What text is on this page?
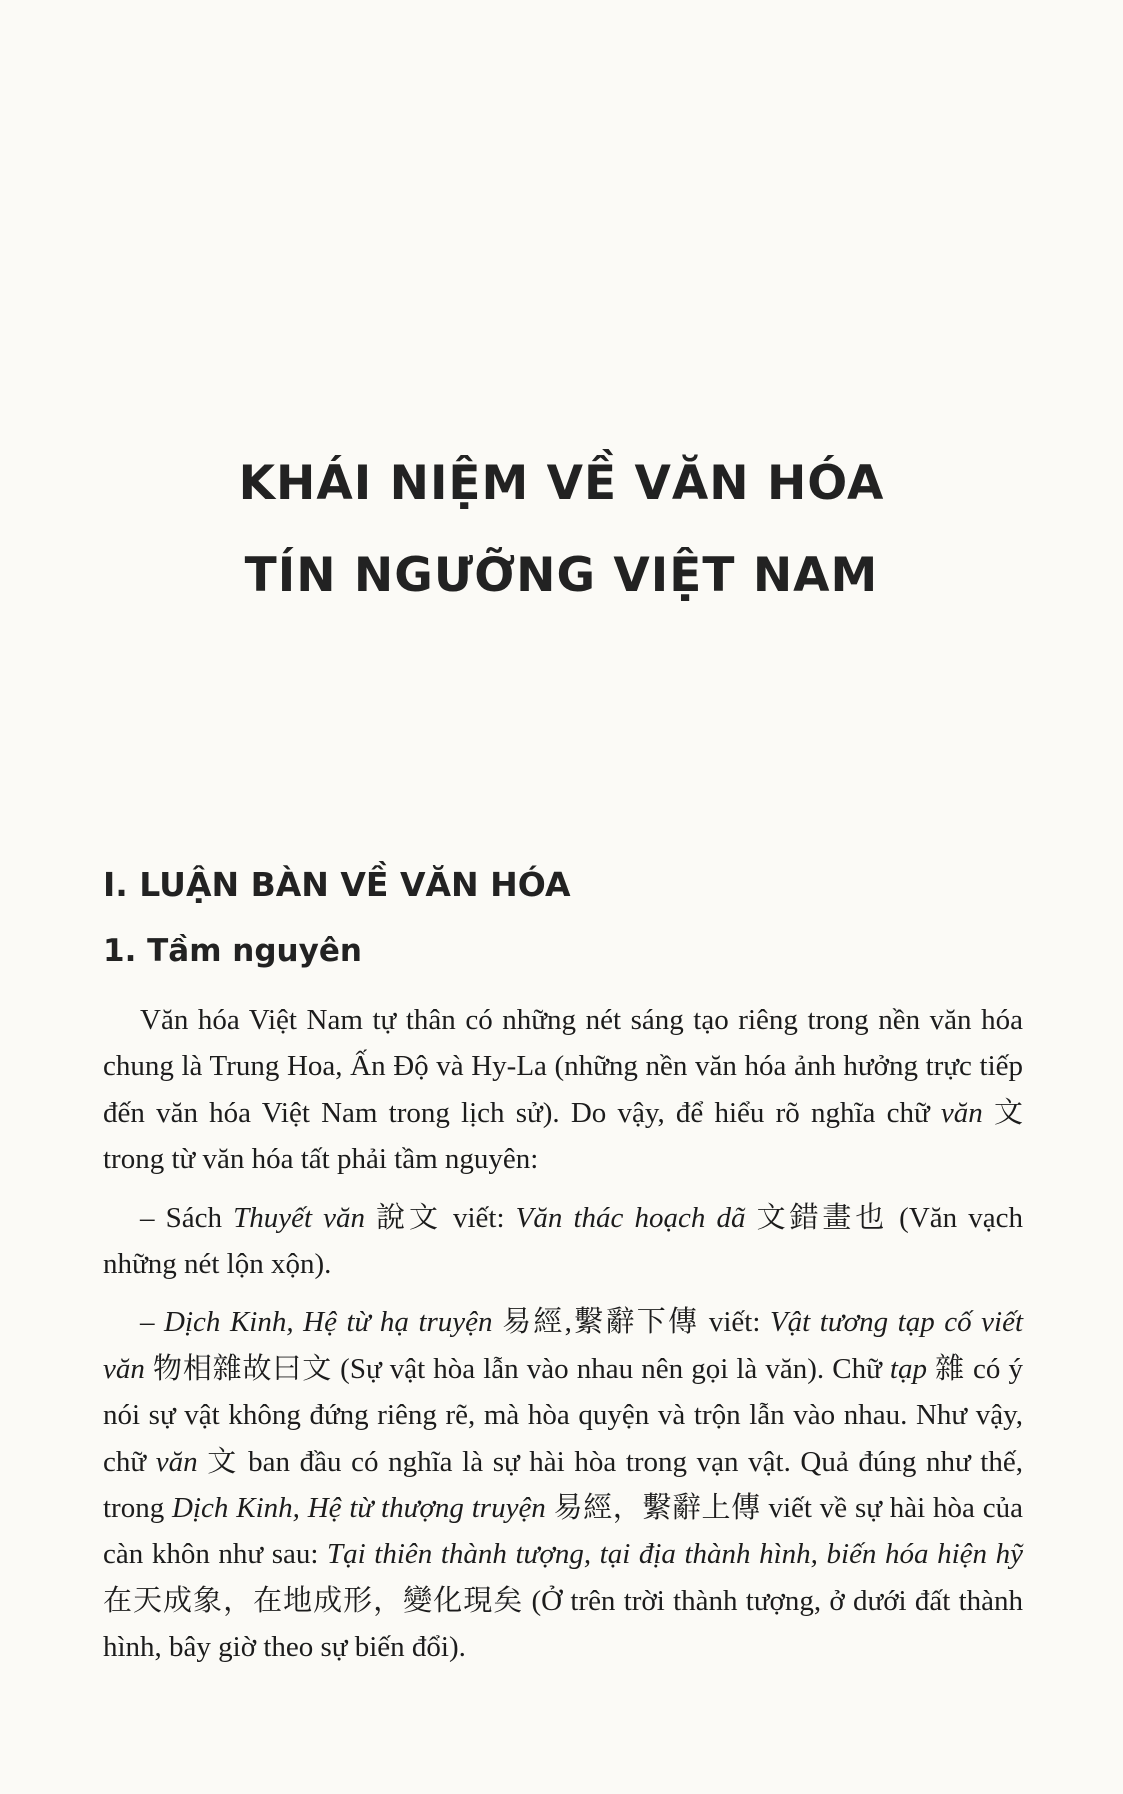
KHÁI NIỆM VỀ VĂN HÓA
TÍN NGƯỠNG VIỆT NAM
I. LUẬN BÀN VỀ VĂN HÓA
1. Tầm nguyên

Văn hóa Việt Nam tự thân có những nét sáng tạo riêng trong nền văn hóa chung là Trung Hoa, Ấn Độ và Hy-La (những nền văn hóa ảnh hưởng trực tiếp đến văn hóa Việt Nam trong lịch sử). Do vậy, để hiểu rõ nghĩa chữ văn 文 trong từ văn hóa tất phải tầm nguyên:

– Sách Thuyết văn 說文 viết: Văn thác hoạch dã 文錯畫也 (Văn vạch những nét lộn xộn).

– Dịch Kinh, Hệ từ hạ truyện 易經,繫辭下傳 viết: Vật tương tạp cố viết văn 物相雜故曰文 (Sự vật hòa lẫn vào nhau nên gọi là văn). Chữ tạp 雜 có ý nói sự vật không đứng riêng rẽ, mà hòa quyện và trộn lẫn vào nhau. Như vậy, chữ văn 文 ban đầu có nghĩa là sự hài hòa trong vạn vật. Quả đúng như thế, trong Dịch Kinh, Hệ từ thượng truyện 易經，繫辭上傳 viết về sự hài hòa của càn khôn như sau: Tại thiên thành tượng, tại địa thành hình, biến hóa hiện hỹ 在天成象，在地成形，變化現矣 (Ở trên trời thành tượng, ở dưới đất thành hình, bây giờ theo sự biến đổi).
